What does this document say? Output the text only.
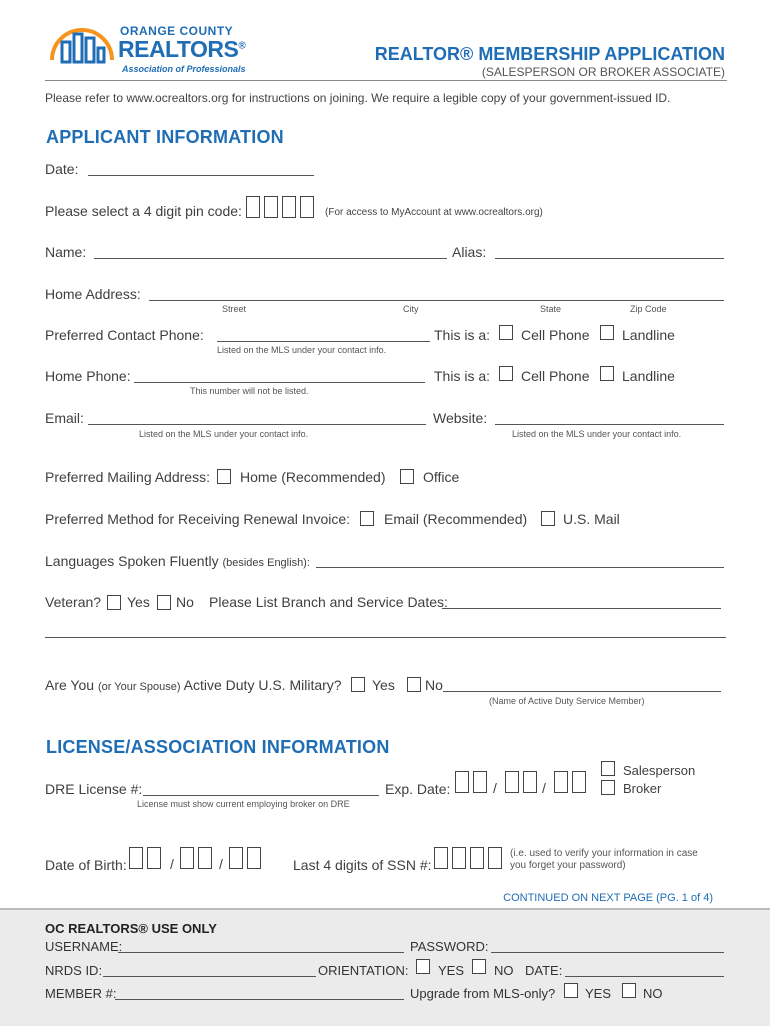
ORANGE COUNTY
REALTORS®
Association of Professionals
REALTOR® MEMBERSHIP APPLICATION
(SALESPERSON OR BROKER ASSOCIATE)
Please refer to www.ocrealtors.org for instructions on joining. We require a legible copy of your government-issued ID.
APPLICANT INFORMATION
Date:
Please select a 4 digit pin code:	(For access to MyAccount at www.ocrealtors.org)
Name:	Alias:
Home Address:
Street	City	State	Zip Code
Preferred Contact Phone:	This is a: Cell Phone Landline
Listed on the MLS under your contact info.
Home Phone:	This is a: Cell Phone Landline
This number will not be listed.
Email:	Website:
Listed on the MLS under your contact info.	Listed on the MLS under your contact info.
Preferred Mailing Address: Home (Recommended)	Office
Preferred Method for Receiving Renewal Invoice: Email (Recommended)	U.S. Mail
Languages Spoken Fluently (besides English):
Veteran? Yes No Please List Branch and Service Dates:
Are You (or Your Spouse) Active Duty U.S. Military? Yes No
(Name of Active Duty Service Member)
LICENSE/ASSOCIATION INFORMATION
DRE License #:
License must show current employing broker on DRE
Exp. Date:	/	/
Salesperson
Broker
Date of Birth:	/	/	Last 4 digits of SSN #:
(i.e. used to verify your information in case
you forget your password)
CONTINUED ON NEXT PAGE (PG. 1 of 4)
OC REALTORS® USE ONLY
USERNAME:	PASSWORD:
NRDS ID:	ORIENTATION: YES NO DATE:
MEMBER #:	Upgrade from MLS-only? YES NO
